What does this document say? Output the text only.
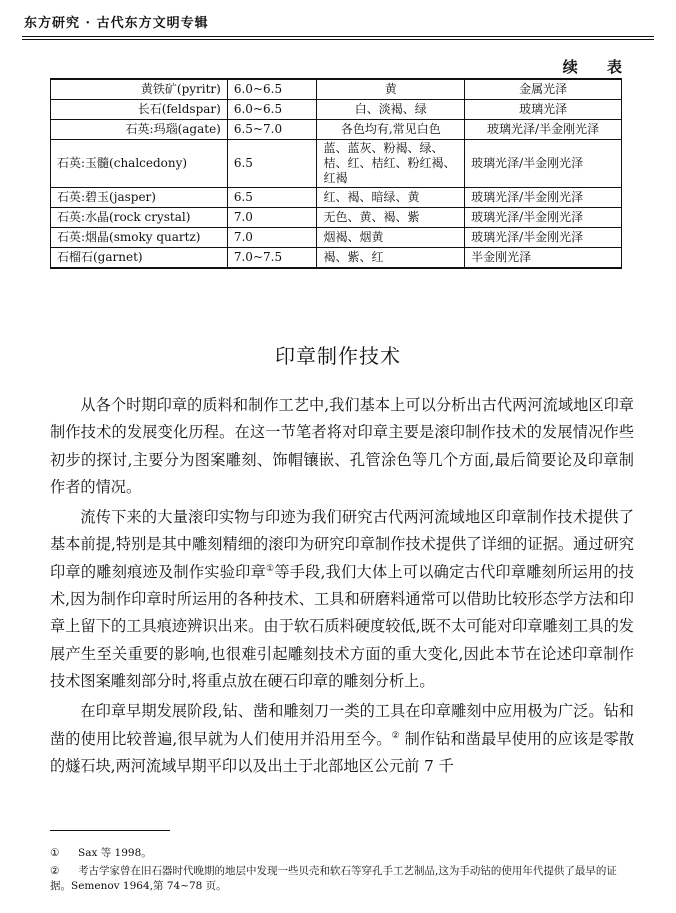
东方研究 · 古代东方文明专辑
续 表
黄铁矿(pyritr)	6.0~6.5	黄	金属光泽
长石(feldspar)	6.0~6.5	白、淡褐、绿	玻璃光泽
石英:玛瑙(agate)	6.5~7.0	各色均有,常见白色	玻璃光泽/半金刚光泽
石英:玉髓(chalcedony)	6.5	蓝、蓝灰、粉褐、绿、桔、红、桔红、粉红褐、红褐	玻璃光泽/半金刚光泽
石英:碧玉(jasper)	6.5	红、褐、暗绿、黄	玻璃光泽/半金刚光泽
石英:水晶(rock crystal)	7.0	无色、黄、褐、紫	玻璃光泽/半金刚光泽
石英:烟晶(smoky quartz)	7.0	烟褐、烟黄	玻璃光泽/半金刚光泽
石榴石(garnet)	7.0~7.5	褐、紫、红	半金刚光泽
印章制作技术

从各个时期印章的质料和制作工艺中,我们基本上可以分析出古代两河流域地区印章制作技术的发展变化历程。在这一节笔者将对印章主要是滚印制作技术的发展情况作些初步的探讨,主要分为图案雕刻、饰帽镶嵌、孔管涂色等几个方面,最后简要论及印章制作者的情况。

流传下来的大量滚印实物与印迹为我们研究古代两河流域地区印章制作技术提供了基本前提,特别是其中雕刻精细的滚印为研究印章制作技术提供了详细的证据。通过研究印章的雕刻痕迹及制作实验印章①等手段,我们大体上可以确定古代印章雕刻所运用的技术,因为制作印章时所运用的各种技术、工具和研磨料通常可以借助比较形态学方法和印章上留下的工具痕迹辨识出来。由于软石质料硬度较低,既不太可能对印章雕刻工具的发展产生至关重要的影响,也很难引起雕刻技术方面的重大变化,因此本节在论述印章制作技术图案雕刻部分时,将重点放在硬石印章的雕刻分析上。

在印章早期发展阶段,钻、凿和雕刻刀一类的工具在印章雕刻中应用极为广泛。钻和凿的使用比较普遍,很早就为人们使用并沿用至今。② 制作钻和凿最早使用的应该是零散的燧石块,两河流域早期平印以及出土于北部地区公元前 7 千

① Sax 等 1998。

② 考古学家曾在旧石器时代晚期的地层中发现一些贝壳和软石等穿孔手工艺制品,这为手动钻的使用年代提供了最早的证据。Semenov 1964,第 74~78 页。
